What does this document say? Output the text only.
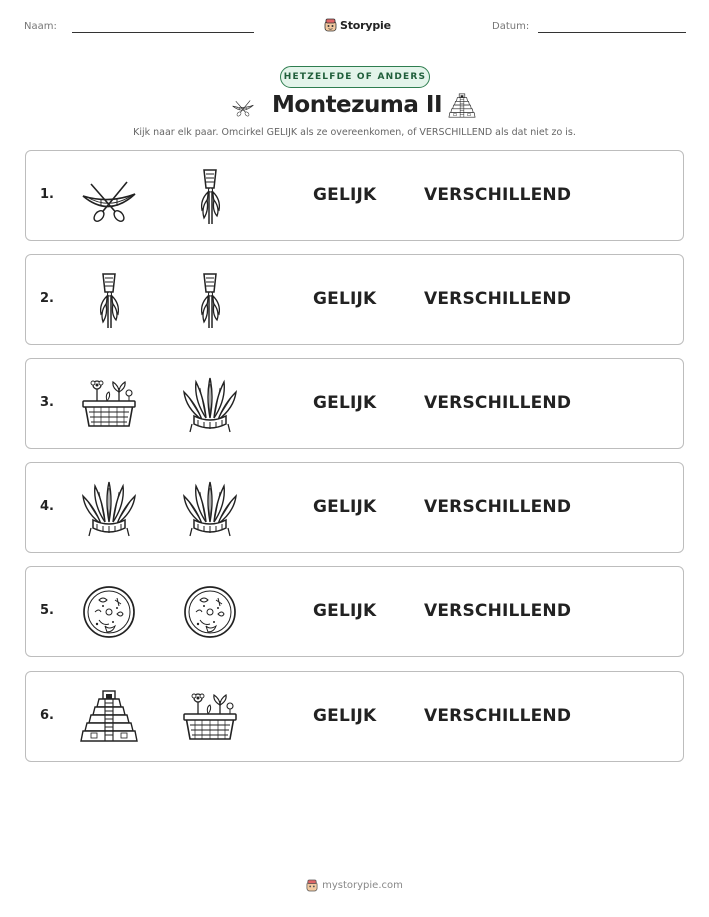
Naam:	Storypie	Datum:
HETZELFDE OF ANDERS
Montezuma II
Kijk naar elk paar. Omcirkel GELIJK als ze overeenkomen, of VERSCHILLEND als dat niet zo is.
1.	GELIJK	VERSCHILLEND
2.	GELIJK	VERSCHILLEND
3.	GELIJK	VERSCHILLEND
4.	GELIJK	VERSCHILLEND
5.	GELIJK	VERSCHILLEND
6.	GELIJK	VERSCHILLEND
mystorypie.com
